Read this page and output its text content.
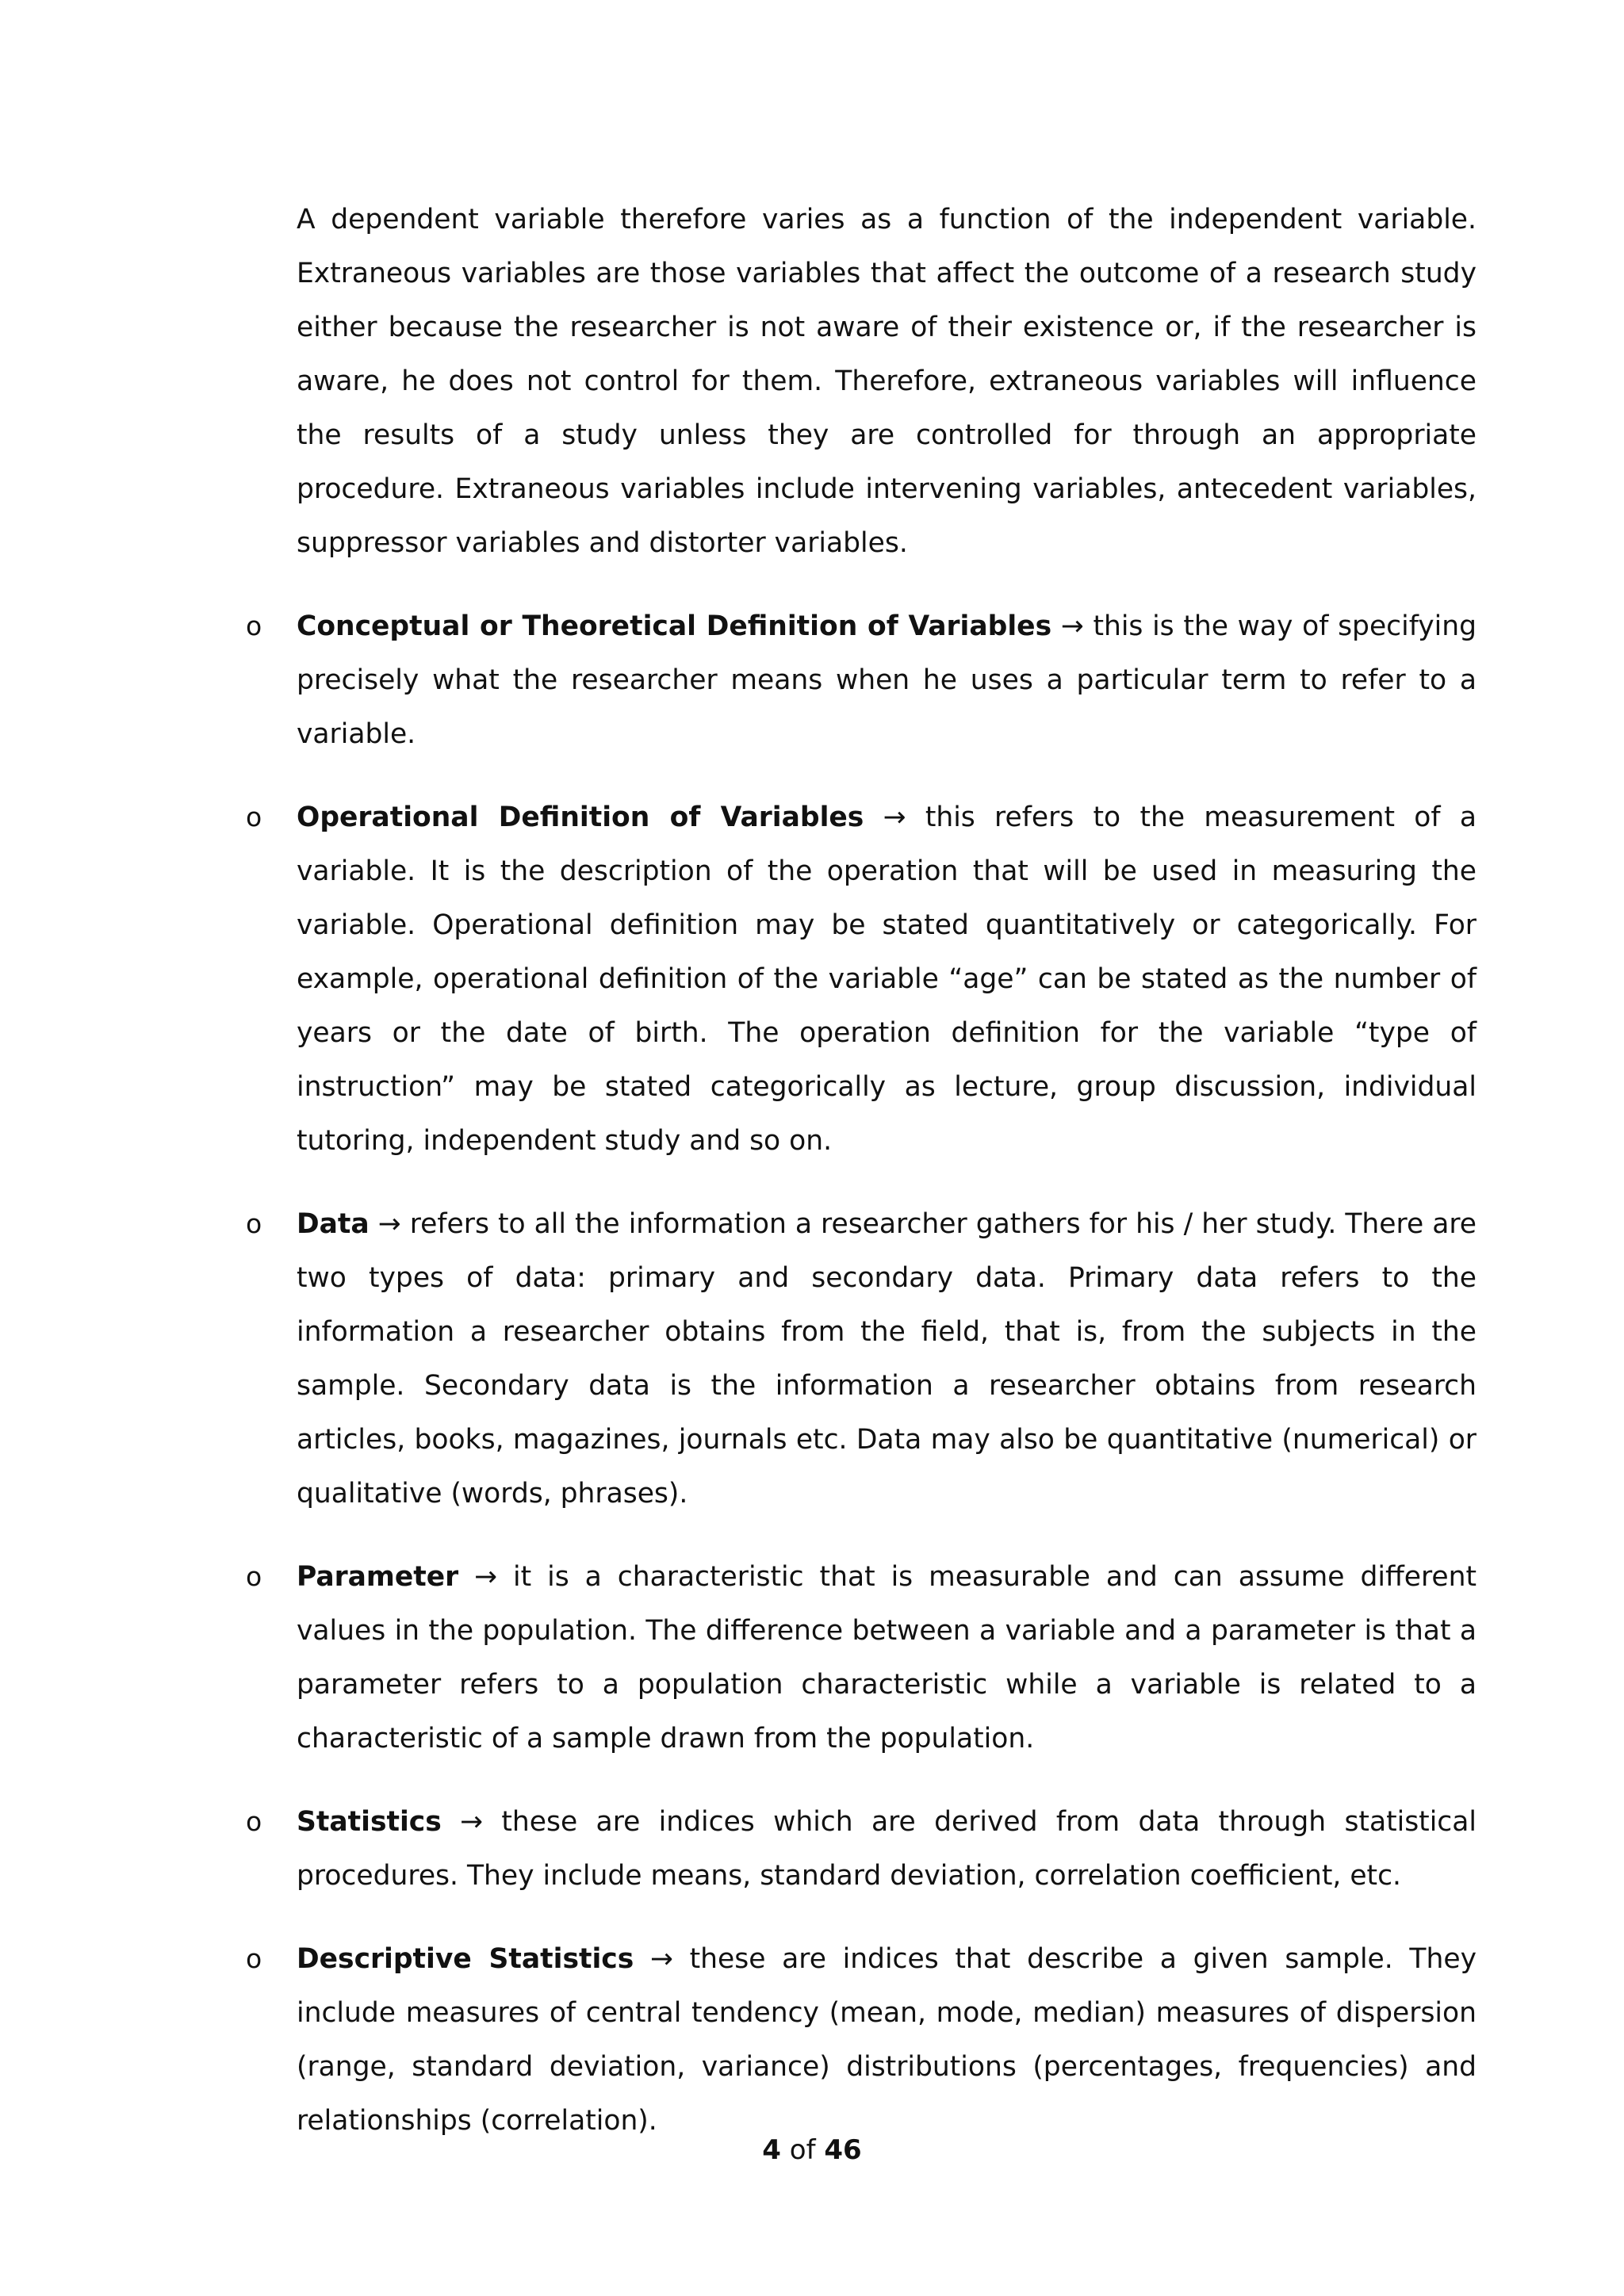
A dependent variable therefore varies as a function of the independent variable. Extraneous variables are those variables that affect the outcome of a research study either because the researcher is not aware of their existence or, if the researcher is aware, he does not control for them. Therefore, extraneous variables will influence the results of a study unless they are controlled for through an appropriate procedure. Extraneous variables include intervening variables, antecedent variables, suppressor variables and distorter variables.

o Conceptual or Theoretical Definition of Variables → this is the way of specifying precisely what the researcher means when he uses a particular term to refer to a variable.

o Operational Definition of Variables → this refers to the measurement of a variable. It is the description of the operation that will be used in measuring the variable. Operational definition may be stated quantitatively or categorically. For example, operational definition of the variable “age” can be stated as the number of years or the date of birth. The operation definition for the variable “type of instruction” may be stated categorically as lecture, group discussion, individual tutoring, independent study and so on.

o Data → refers to all the information a researcher gathers for his / her study. There are two types of data: primary and secondary data. Primary data refers to the information a researcher obtains from the field, that is, from the subjects in the sample. Secondary data is the information a researcher obtains from research articles, books, magazines, journals etc. Data may also be quantitative (numerical) or qualitative (words, phrases).

o Parameter → it is a characteristic that is measurable and can assume different values in the population. The difference between a variable and a parameter is that a parameter refers to a population characteristic while a variable is related to a characteristic of a sample drawn from the population.

o Statistics → these are indices which are derived from data through statistical procedures. They include means, standard deviation, correlation coefficient, etc.

o Descriptive Statistics → these are indices that describe a given sample. They include measures of central tendency (mean, mode, median) measures of dispersion (range, standard deviation, variance) distributions (percentages, frequencies) and relationships (correlation).

4 of 46
